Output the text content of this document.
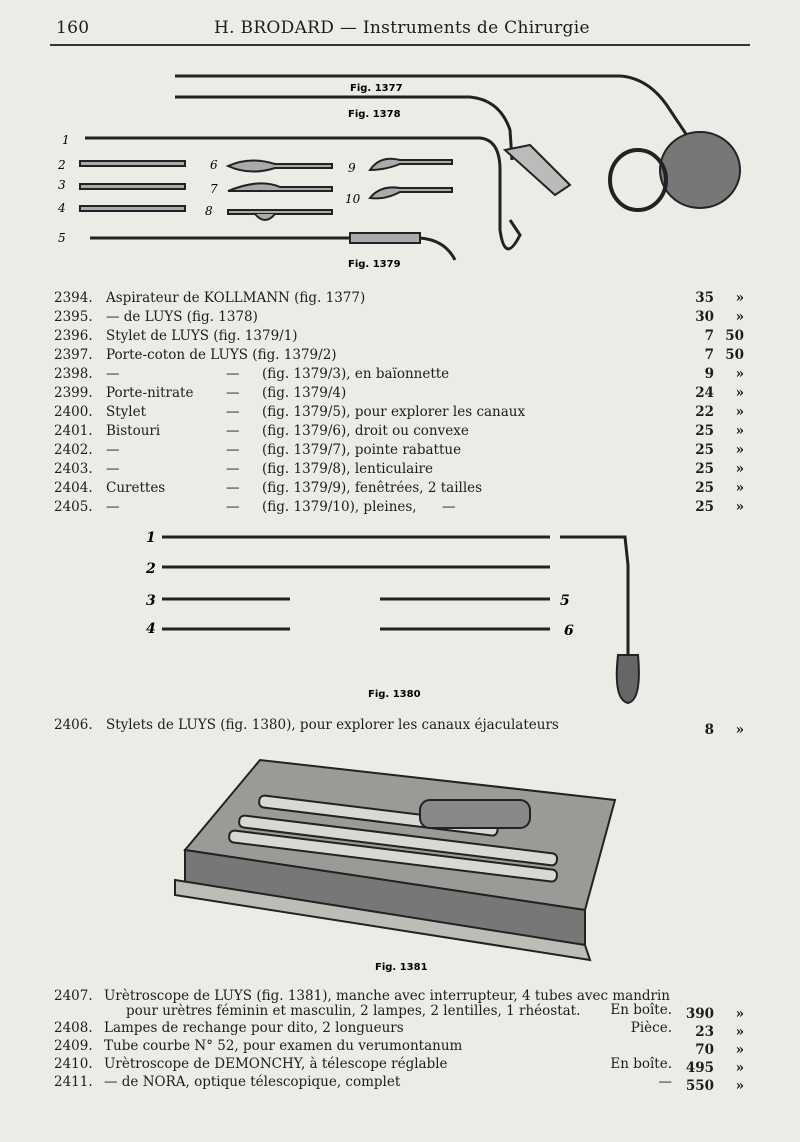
160	H. BRODARD — Instruments de Chirurgie
Fig. 1377
Fig. 1378
Fig. 1379
1
2
3
4
5
6
7
8
9
10
2394. Aspirateur de KOLLMANN (fig. 1377)	35	»
2395. — de LUYS (fig. 1378)	30	»
2396. Stylet de LUYS (fig. 1379/1)	7 50
2397. Porte-coton de LUYS (fig. 1379/2)	7 50
2398. —	— (fig. 1379/3), en baïonnette	9	»
2399. Porte-nitrate — (fig. 1379/4)	24	»
2400. Stylet	— (fig. 1379/5), pour explorer les canaux	22	»
2401. Bistouri	— (fig. 1379/6), droit ou convexe	25	»
2402. —	— (fig. 1379/7), pointe rabattue	25	»
2403. —	— (fig. 1379/8), lenticulaire	25	»
2404. Curettes	— (fig. 1379/9), fenêtrées, 2 tailles	25	»
2405. —	— (fig. 1379/10), pleines, —	25	»
1
2
3
4
5
6
Fig. 1380
2406. Stylets de LUYS (fig. 1380), pour explorer les canaux éjaculateurs	8	»
Fig. 1381
2407. Urètroscope de LUYS (fig. 1381), manche avec interrupteur, 4 tubes avec mandrin
pour urètres féminin et masculin, 2 lampes, 2 lentilles, 1 rhéostat.	En boîte. 390	»
2408. Lampes de rechange pour dito, 2 longueurs	Pièce.	23	»
2409. Tube courbe N° 52, pour examen du verumontanum	70	»
2410. Urètroscope de DEMONCHY, à télescope réglable	En boîte. 495	»
2411. — de NORA, optique télescopique, complet	— 550	»
